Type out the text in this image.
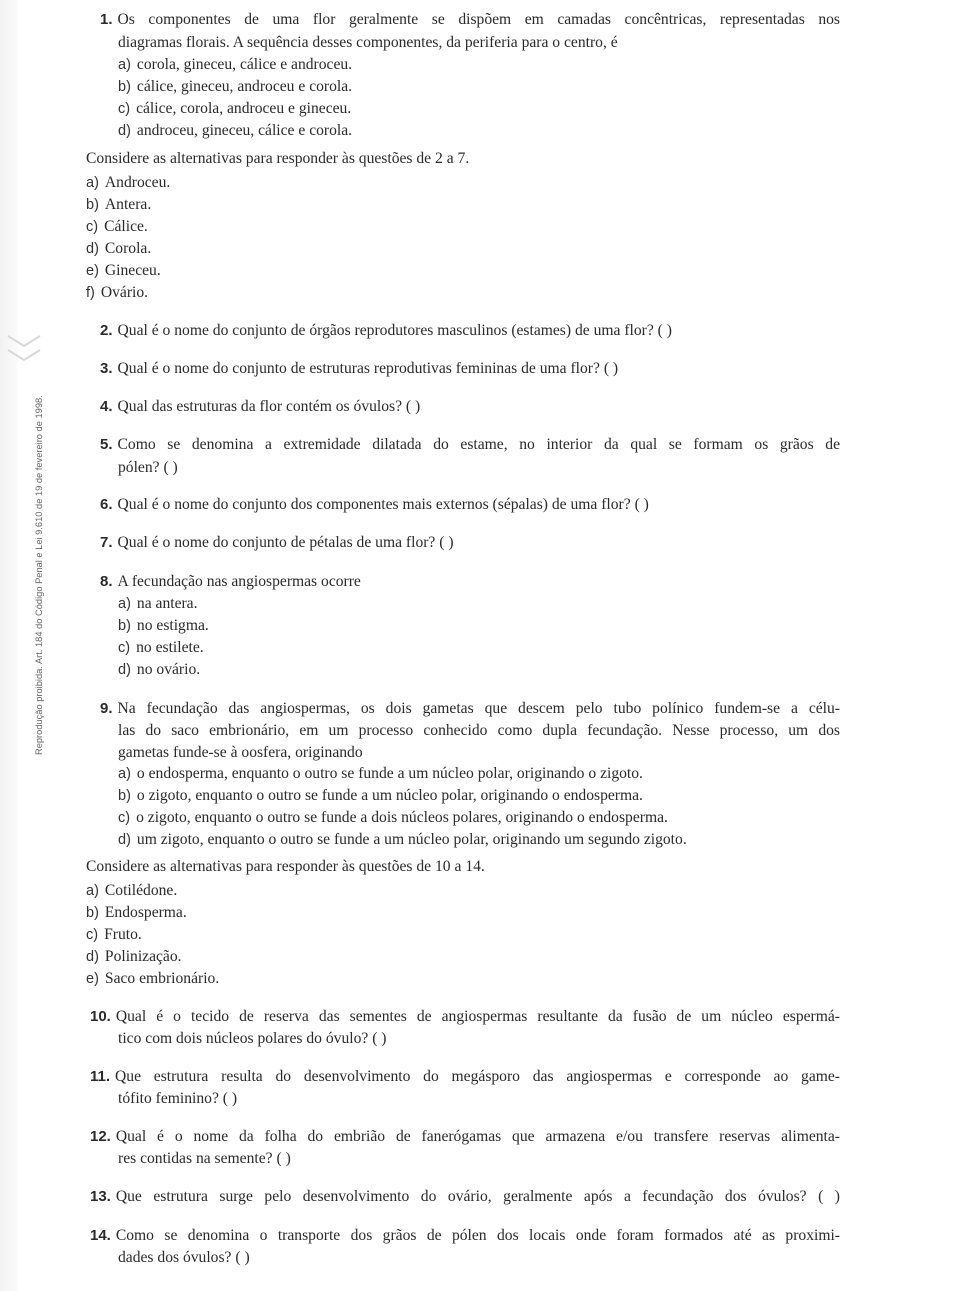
Reprodução proibida. Art. 184 do Código Penal e Lei 9.610 de 19 de fevereiro de 1998.
1. Os componentes de uma flor geralmente se dispõem em camadas concêntricas, representadas nos
diagramas florais. A sequência desses componentes, da periferia para o centro, é
a) corola, gineceu, cálice e androceu.
b) cálice, gineceu, androceu e corola.
c) cálice, corola, androceu e gineceu.
d) androceu, gineceu, cálice e corola.
Considere as alternativas para responder às questões de 2 a 7.
a) Androceu.
b) Antera.
c) Cálice.
d) Corola.
e) Gineceu.
f) Ovário.
2. Qual é o nome do conjunto de órgãos reprodutores masculinos (estames) de uma flor? ( )
3. Qual é o nome do conjunto de estruturas reprodutivas femininas de uma flor? ( )
4. Qual das estruturas da flor contém os óvulos? ( )
5. Como se denomina a extremidade dilatada do estame, no interior da qual se formam os grãos de
pólen? ( )
6. Qual é o nome do conjunto dos componentes mais externos (sépalas) de uma flor? ( )
7. Qual é o nome do conjunto de pétalas de uma flor? ( )
8. A fecundação nas angiospermas ocorre
a) na antera.
b) no estigma.
c) no estilete.
d) no ovário.
9. Na fecundação das angiospermas, os dois gametas que descem pelo tubo polínico fundem-se a célu-
las do saco embrionário, em um processo conhecido como dupla fecundação. Nesse processo, um dos
gametas funde-se à oosfera, originando
a) o endosperma, enquanto o outro se funde a um núcleo polar, originando o zigoto.
b) o zigoto, enquanto o outro se funde a um núcleo polar, originando o endosperma.
c) o zigoto, enquanto o outro se funde a dois núcleos polares, originando o endosperma.
d) um zigoto, enquanto o outro se funde a um núcleo polar, originando um segundo zigoto.
Considere as alternativas para responder às questões de 10 a 14.
a) Cotilédone.
b) Endosperma.
c) Fruto.
d) Polinização.
e) Saco embrionário.
10. Qual é o tecido de reserva das sementes de angiospermas resultante da fusão de um núcleo espermá-
tico com dois núcleos polares do óvulo? ( )
11. Que estrutura resulta do desenvolvimento do megásporo das angiospermas e corresponde ao game-
tófito feminino? ( )
12. Qual é o nome da folha do embrião de fanerógamas que armazena e/ou transfere reservas alimenta-
res contidas na semente? ( )
13. Que estrutura surge pelo desenvolvimento do ovário, geralmente após a fecundação dos óvulos? ( )
14. Como se denomina o transporte dos grãos de pólen dos locais onde foram formados até as proximi-
dades dos óvulos? ( )
